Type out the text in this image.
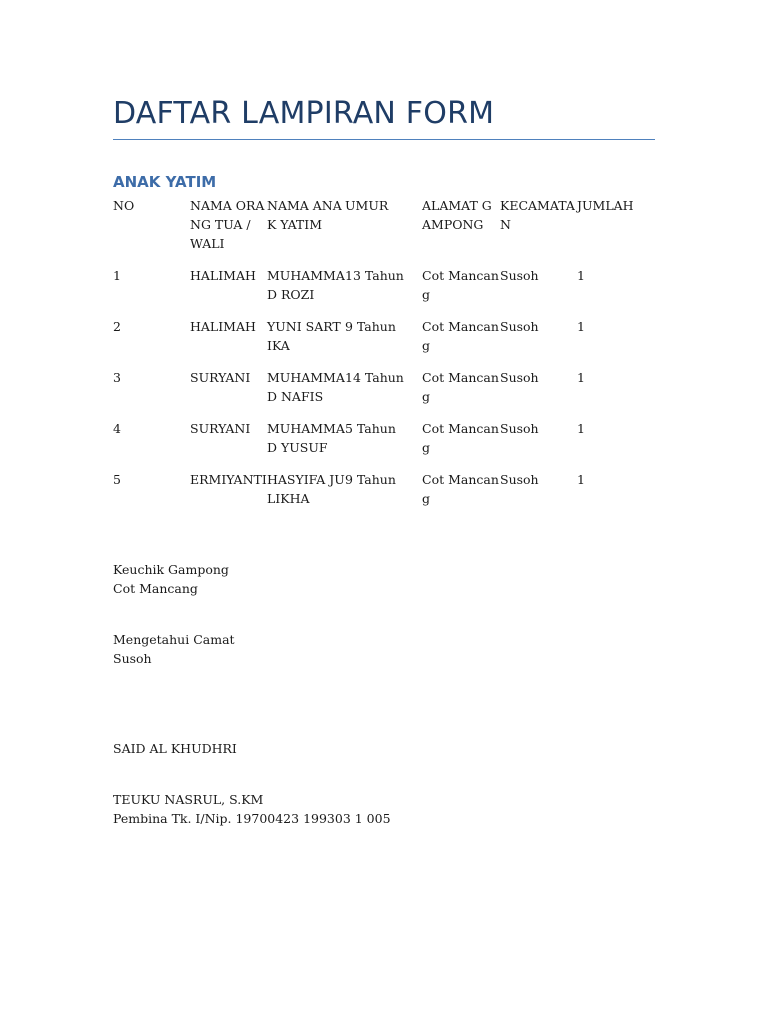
DAFTAR LAMPIRAN FORM
ANAK YATIM
NO	NAMA ORANG TUA / WALI	NAMA ANAK YATIM	UMUR	ALAMAT GAMPONG	KECAMATAN	JUMLAH
1	HALIMAH	MUHAMMAD ROZI	13 Tahun	Cot Mancang	Susoh	1
2	HALIMAH	YUNI SARTIKA	9 Tahun	Cot Mancang	Susoh	1
3	SURYANI	MUHAMMAD NAFIS	14 Tahun	Cot Mancang	Susoh	1
4	SURYANI	MUHAMMAD YUSUF	5 Tahun	Cot Mancang	Susoh	1
5	ERMIYANTI	HASYIFA JULIKHA	9 Tahun	Cot Mancang	Susoh	1
Keuchik Gampong
Cot Mancang
Mengetahui Camat
Susoh
SAID AL KHUDHRI
TEUKU NASRUL, S.KM
Pembina Tk. I/Nip. 19700423 199303 1 005
